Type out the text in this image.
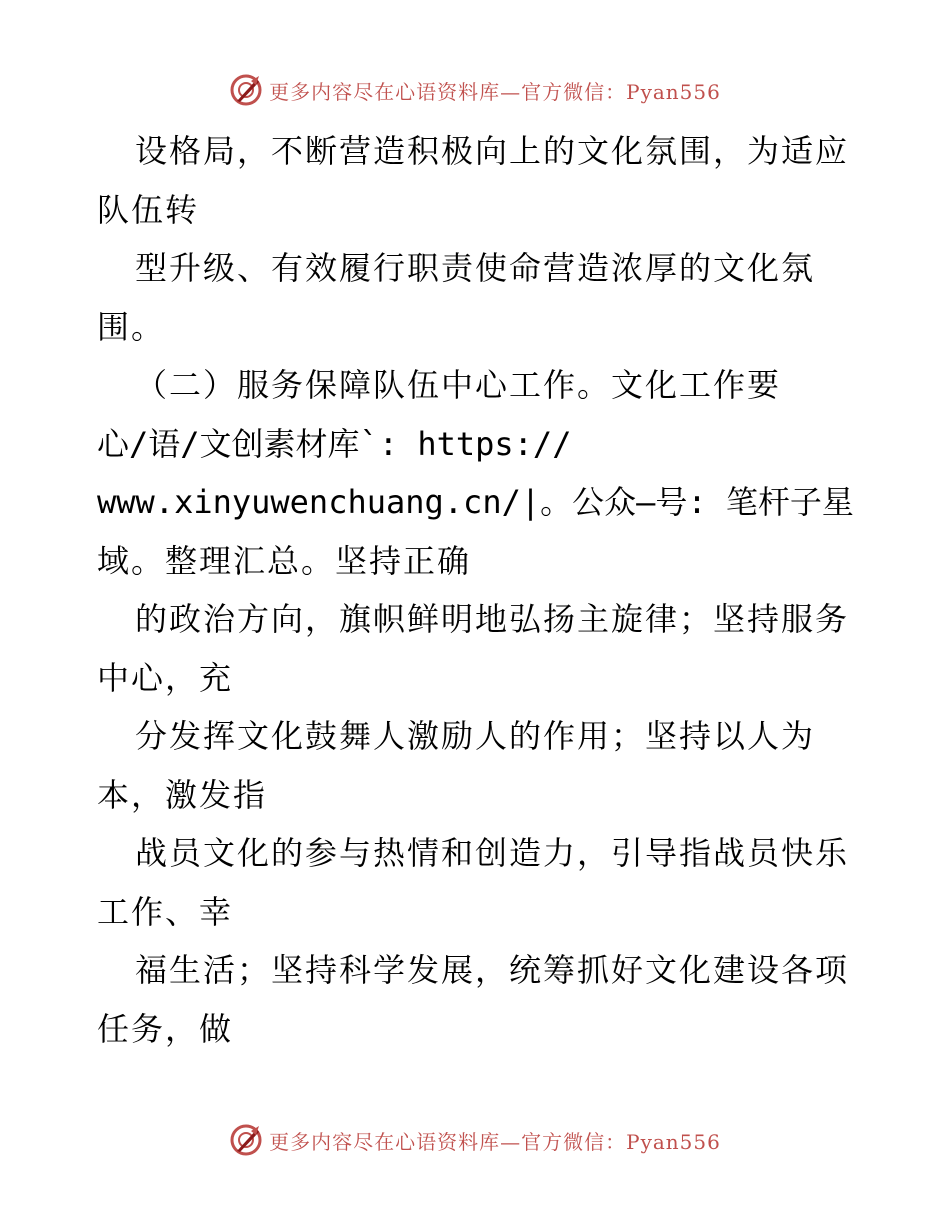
更多内容尽在心语资料库—官方微信：Pyan556
设格局，不断营造积极向上的文化氛围，为适应
队伍转
型升级、有效履行职责使命营造浓厚的文化氛
围。
（二）服务保障队伍中心工作。文化工作要
心/语/文创素材库`: https://
www.xinyuwenchuang.cn/|。公众—号: 笔杆子星
域。整理汇总。坚持正确
的政治方向，旗帜鲜明地弘扬主旋律；坚持服务
中心，充
分发挥文化鼓舞人激励人的作用；坚持以人为
本，激发指
战员文化的参与热情和创造力，引导指战员快乐
工作、幸
福生活；坚持科学发展，统筹抓好文化建设各项
任务，做
更多内容尽在心语资料库—官方微信：Pyan556
